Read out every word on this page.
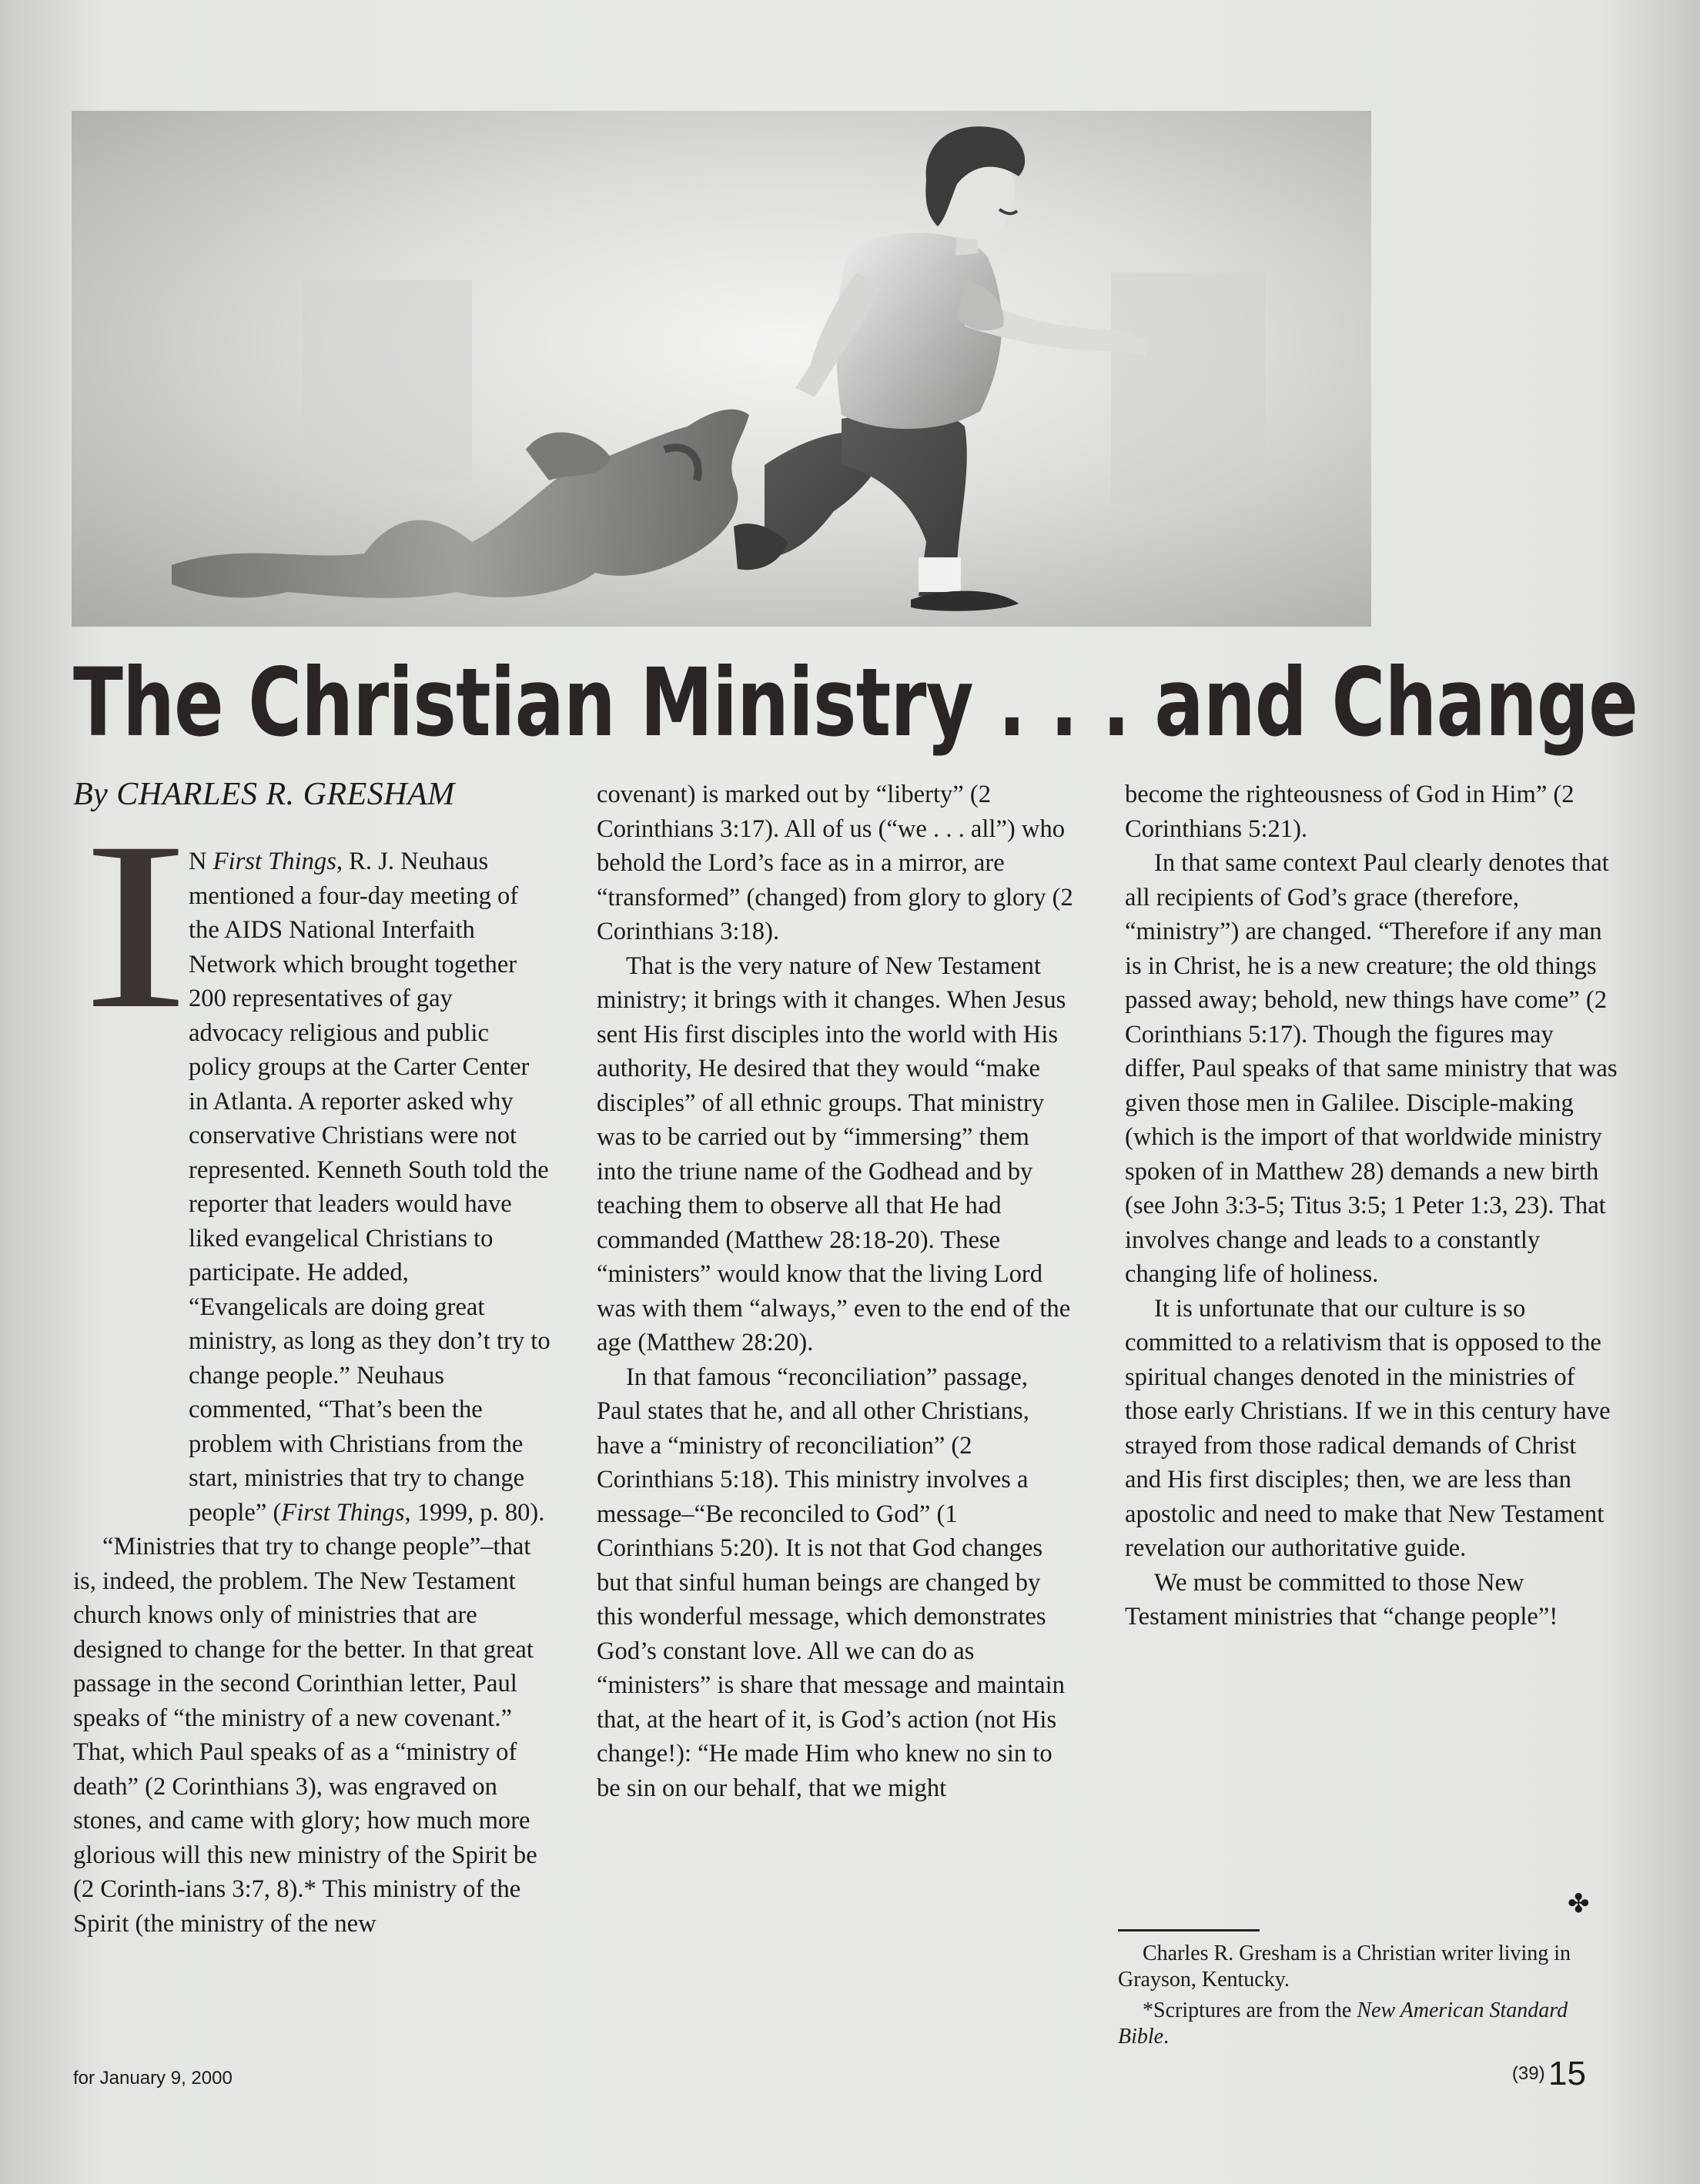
The Christian Ministry . . . and Change
By CHARLES R. GRESHAM
I

N First Things, R. J. Neuhaus mentioned a four-day meeting of the AIDS National Interfaith Network which brought together 200 representatives of gay advocacy religious and public policy groups at the Carter Center in Atlanta. A reporter asked why conservative Christians were not represented. Kenneth South told the reporter that leaders would have liked evangelical Christians to participate. He added, “Evangelicals are doing great ministry, as long as they don’t try to change people.” Neuhaus commented, “That’s been the problem with Christians from the start, ministries that try to change people” (First Things, 1999, p. 80).

“Ministries that try to change people”–that is, indeed, the problem. The New Testament church knows only of ministries that are designed to change for the better. In that great passage in the second Corinthian letter, Paul speaks of “the ministry of a new covenant.” That, which Paul speaks of as a “ministry of death” (2 Corinthians 3), was engraved on stones, and came with glory; how much more glorious will this new ministry of the Spirit be (2 Corinth-ians 3:7, 8).* This ministry of the Spirit (the ministry of the new

covenant) is marked out by “liberty” (2 Corinthians 3:17). All of us (“we . . . all”) who behold the Lord’s face as in a mirror, are “transformed” (changed) from glory to glory (2 Corinthians 3:18).

That is the very nature of New Testament ministry; it brings with it changes. When Jesus sent His first disciples into the world with His authority, He desired that they would “make disciples” of all ethnic groups. That ministry was to be carried out by “immersing” them into the triune name of the Godhead and by teaching them to observe all that He had commanded (Matthew 28:18-20). These “ministers” would know that the living Lord was with them “always,” even to the end of the age (Matthew 28:20).

In that famous “reconciliation” passage, Paul states that he, and all other Christians, have a “ministry of reconciliation” (2 Corinthians 5:18). This ministry involves a message–“Be reconciled to God” (1 Corinthians 5:20). It is not that God changes but that sinful human beings are changed by this wonderful message, which demonstrates God’s constant love. All we can do as “ministers” is share that message and maintain that, at the heart of it, is God’s action (not His change!): “He made Him who knew no sin to be sin on our behalf, that we might

become the righteousness of God in Him” (2 Corinthians 5:21).

In that same context Paul clearly denotes that all recipients of God’s grace (therefore, “ministry”) are changed. “Therefore if any man is in Christ, he is a new creature; the old things passed away; behold, new things have come” (2 Corinthians 5:17). Though the figures may differ, Paul speaks of that same ministry that was given those men in Galilee. Disciple-making (which is the import of that worldwide ministry spoken of in Matthew 28) demands a new birth (see John 3:3-5; Titus 3:5; 1 Peter 1:3, 23). That involves change and leads to a constantly changing life of holiness.

It is unfortunate that our culture is so committed to a relativism that is opposed to the spiritual changes denoted in the ministries of those early Christians. If we in this century have strayed from those radical demands of Christ and His first disciples; then, we are less than apostolic and need to make that New Testament revelation our authoritative guide.

We must be committed to those New Testament ministries that “change people”!

✤

Charles R. Gresham is a Christian writer living in Grayson, Kentucky.

*Scriptures are from the New American Standard Bible.

for January 9, 2000	(39) 15
